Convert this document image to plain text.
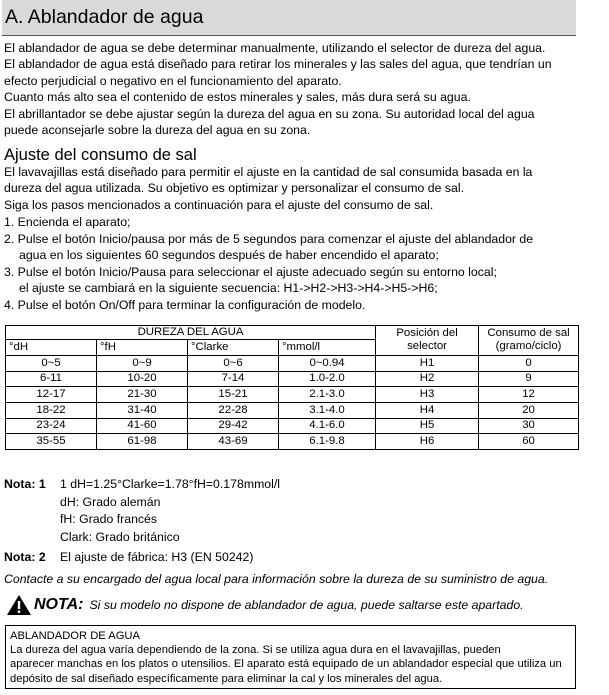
A. Ablandador de agua

El ablandador de agua se debe determinar manualmente, utilizando el selector de dureza del agua.

El ablandador de agua está diseñado para retirar los minerales y las sales del agua, que tendrían un

efecto perjudicial o negativo en el funcionamiento del aparato.

Cuanto más alto sea el contenido de estos minerales y sales, más dura será su agua.

El abrillantador se debe ajustar según la dureza del agua en su zona. Su autoridad local del agua

puede aconsejarle sobre la dureza del agua en su zona.

Ajuste del consumo de sal

El lavavajillas está diseñado para permitir el ajuste en la cantidad de sal consumida basada en la

dureza del agua utilizada. Su objetivo es optimizar y personalizar el consumo de sal.

Siga los pasos mencionados a continuación para el ajuste del consumo de sal.

1. Encienda el aparato;

2. Pulse el botón Inicio/pausa por más de 5 segundos para comenzar el ajuste del ablandador de

agua en los siguientes 60 segundos después de haber encendido el aparato;

3. Pulse el botón Inicio/Pausa para seleccionar el ajuste adecuado según su entorno local;

el ajuste se cambiará en la siguiente secuencia: H1->H2->H3->H4->H5->H6;

4. Pulse el botón On/Off para terminar la configuración de modelo.

DUREZA DEL AGUA				Posición del selector	Consumo de sal (gramo/ciclo)
°dH	°fH	°Clarke	°mmol/l		
0~5	0~9	0~6	0~0.94	H1	0
6-11	10-20	7-14	1.0-2.0	H2	9
12-17	21-30	15-21	2.1-3.0	H3	12
18-22	31-40	22-28	3.1-4.0	H4	20
23-24	41-60	29-42	4.1-6.0	H5	30
35-55	61-98	43-69	6.1-9.8	H6	60
Nota: 1	1 dH=1.25°Clarke=1.78°fH=0.178mmol/l

dH: Grado alemán

fH: Grado francés

Clark: Grado británico

Nota: 2	El ajuste de fábrica: H3 (EN 50242)

Contacte a su encargado del agua local para información sobre la dureza de su suministro de agua.

NOTA: Si su modelo no dispone de ablandador de agua, puede saltarse este apartado.

ABLANDADOR DE AGUA

La dureza del agua varía dependiendo de la zona. Si se utiliza agua dura en el lavavajillas, pueden

aparecer manchas en los platos o utensilios. El aparato está equipado de un ablandador especial que utiliza un

depósito de sal diseñado específicamente para eliminar la cal y los minerales del agua.
